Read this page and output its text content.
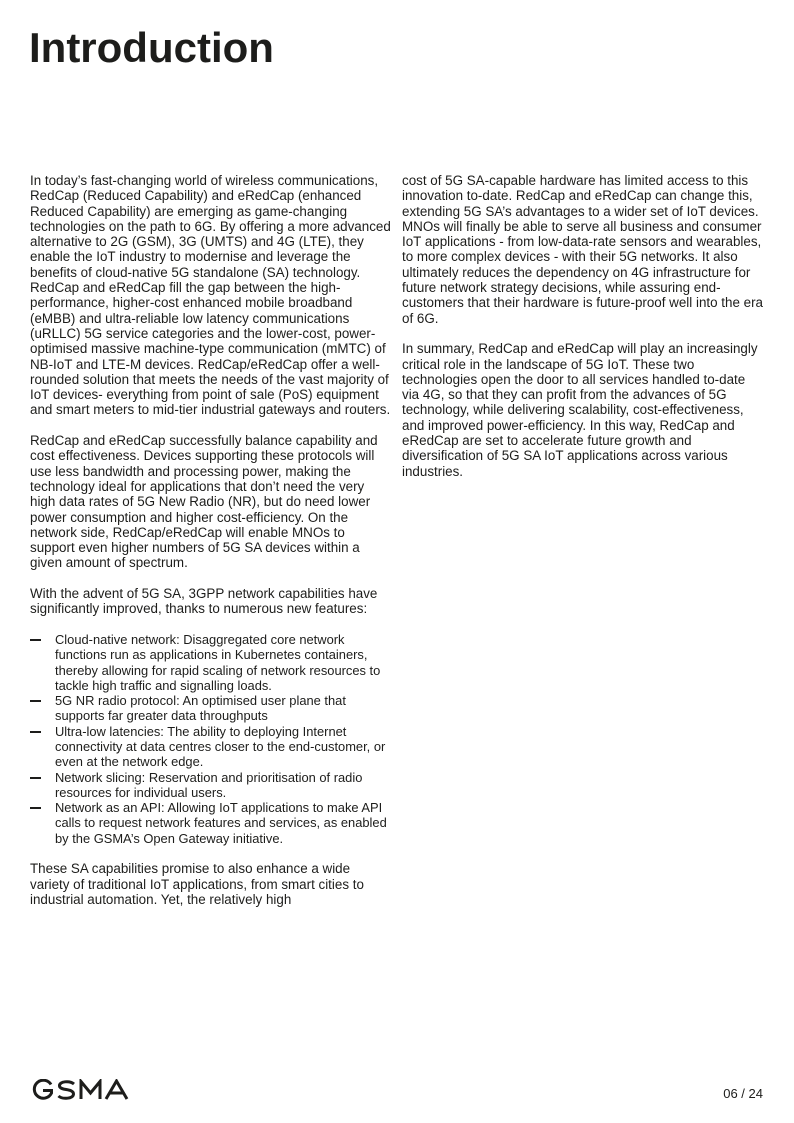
Introduction

In today’s fast-changing world of wireless communications, RedCap (Reduced Capability) and eRedCap (enhanced Reduced Capability) are emerging as game-changing technologies on the path to 6G. By offering a more advanced alternative to 2G (GSM), 3G (UMTS) and 4G (LTE), they enable the IoT industry to modernise and leverage the benefits of cloud-native 5G standalone (SA) technology. RedCap and eRedCap fill the gap between the high-performance, higher-cost enhanced mobile broadband (eMBB) and ultra-reliable low latency communications (uRLLC) 5G service categories and the lower-cost, power-optimised massive machine-type communication (mMTC) of NB-IoT and LTE-M devices. RedCap/eRedCap offer a well-rounded solution that meets the needs of the vast majority of IoT devices- everything from point of sale (PoS) equipment and smart meters to mid-tier industrial gateways and routers.

RedCap and eRedCap successfully balance capability and cost effectiveness. Devices supporting these protocols will use less bandwidth and processing power, making the technology ideal for applications that don’t need the very high data rates of 5G New Radio (NR), but do need lower power consumption and higher cost-efficiency. On the network side, RedCap/eRedCap will enable MNOs to support even higher numbers of 5G SA devices within a given amount of spectrum.

With the advent of 5G SA, 3GPP network capabilities have significantly improved, thanks to numerous new features:

Cloud-native network: Disaggregated core network functions run as applications in Kubernetes containers, thereby allowing for rapid scaling of network resources to tackle high traffic and signalling loads.
5G NR radio protocol: An optimised user plane that supports far greater data throughputs
Ultra-low latencies: The ability to deploying Internet connectivity at data centres closer to the end-customer, or even at the network edge.
Network slicing: Reservation and prioritisation of radio resources for individual users.
Network as an API: Allowing IoT applications to make API calls to request network features and services, as enabled by the GSMA’s Open Gateway initiative.

These SA capabilities promise to also enhance a wide variety of traditional IoT applications, from smart cities to industrial automation. Yet, the relatively high

cost of 5G SA-capable hardware has limited access to this innovation to-date. RedCap and eRedCap can change this, extending 5G SA’s advantages to a wider set of IoT devices. MNOs will finally be able to serve all business and consumer IoT applications - from low-data-rate sensors and wearables, to more complex devices - with their 5G networks. It also ultimately reduces the dependency on 4G infrastructure for future network strategy decisions, while assuring end-customers that their hardware is future-proof well into the era of 6G.

In summary, RedCap and eRedCap will play an increasingly critical role in the landscape of 5G IoT. These two technologies open the door to all services handled to-date via 4G, so that they can profit from the advances of 5G technology, while delivering scalability, cost-effectiveness, and improved power-efficiency. In this way, RedCap and eRedCap are set to accelerate future growth and diversification of 5G SA IoT applications across various industries.

06 / 24
